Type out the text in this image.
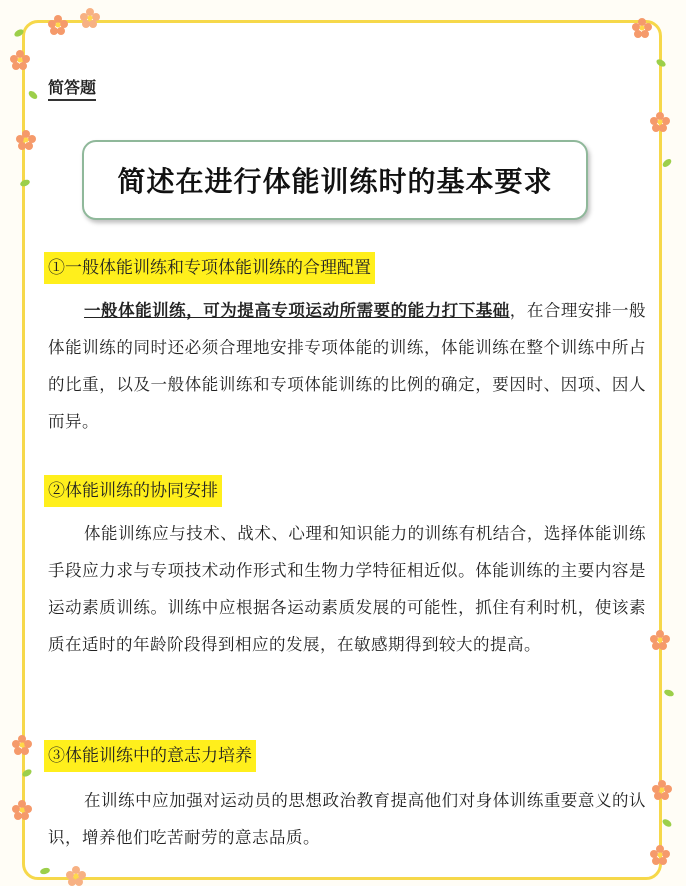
简答题
简述在进行体能训练时的基本要求
①一般体能训练和专项体能训练的合理配置
一般体能训练，可为提高专项运动所需要的能力打下基础，在合理安排一般体能训练的同时还必须合理地安排专项体能的训练，体能训练在整个训练中所占的比重，以及一般体能训练和专项体能训练的比例的确定，要因时、因项、因人而异。
②体能训练的协同安排
体能训练应与技术、战术、心理和知识能力的训练有机结合，选择体能训练手段应力求与专项技术动作形式和生物力学特征相近似。体能训练的主要内容是运动素质训练。训练中应根据各运动素质发展的可能性，抓住有利时机，使该素质在适时的年龄阶段得到相应的发展，在敏感期得到较大的提高。
③体能训练中的意志力培养
在训练中应加强对运动员的思想政治教育提高他们对身体训练重要意义的认识，增养他们吃苦耐劳的意志品质。
